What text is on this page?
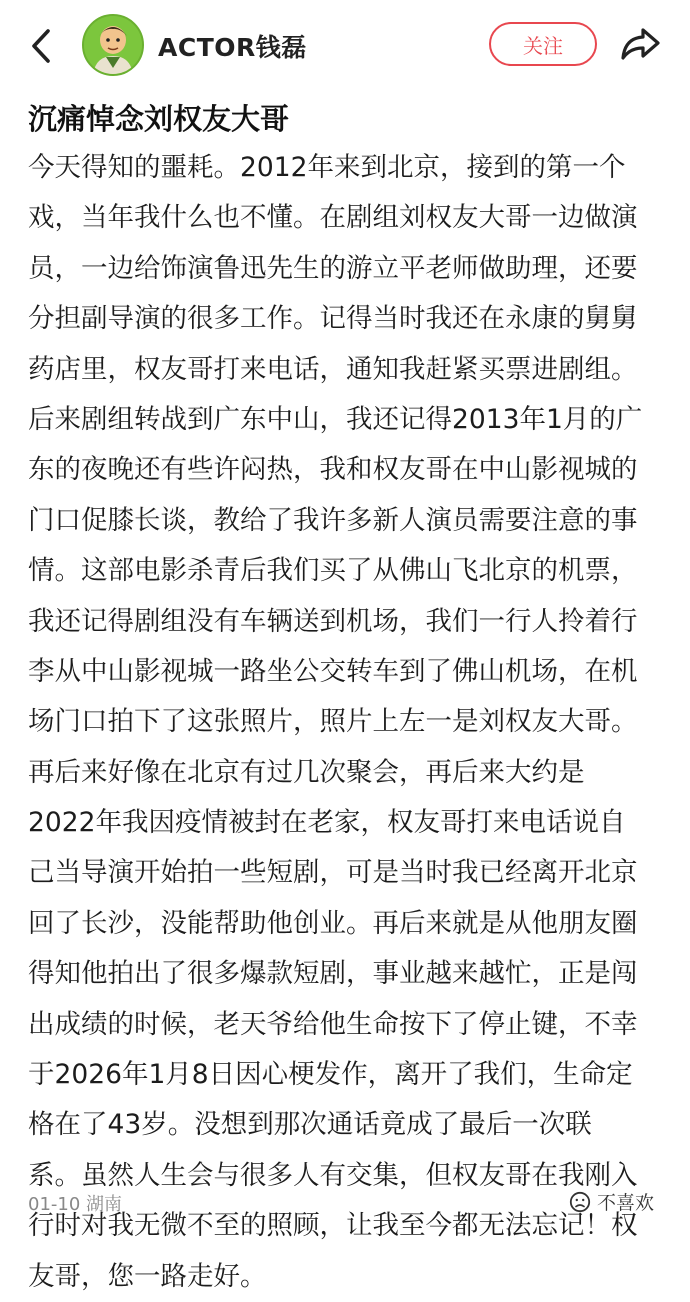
ACTOR钱磊	关注
沉痛悼念刘权友大哥
今天得知的噩耗。2012年来到北京，接到的第一个
戏，当年我什么也不懂。在剧组刘权友大哥一边做演
员，一边给饰演鲁迅先生的游立平老师做助理，还要
分担副导演的很多工作。记得当时我还在永康的舅舅
药店里，权友哥打来电话，通知我赶紧买票进剧组。
后来剧组转战到广东中山，我还记得2013年1月的广
东的夜晚还有些许闷热，我和权友哥在中山影视城的
门口促膝长谈，教给了我许多新人演员需要注意的事
情。这部电影杀青后我们买了从佛山飞北京的机票，
我还记得剧组没有车辆送到机场，我们一行人拎着行
李从中山影视城一路坐公交转车到了佛山机场，在机
场门口拍下了这张照片，照片上左一是刘权友大哥。
再后来好像在北京有过几次聚会，再后来大约是
2022年我因疫情被封在老家，权友哥打来电话说自
己当导演开始拍一些短剧，可是当时我已经离开北京
回了长沙，没能帮助他创业。再后来就是从他朋友圈
得知他拍出了很多爆款短剧，事业越来越忙，正是闯
出成绩的时候，老天爷给他生命按下了停止键，不幸
于2026年1月8日因心梗发作，离开了我们，生命定
格在了43岁。没想到那次通话竟成了最后一次联
系。虽然人生会与很多人有交集，但权友哥在我刚入
行时对我无微不至的照顾，让我至今都无法忘记！权
友哥，您一路走好。
01-10 湖南	不喜欢
